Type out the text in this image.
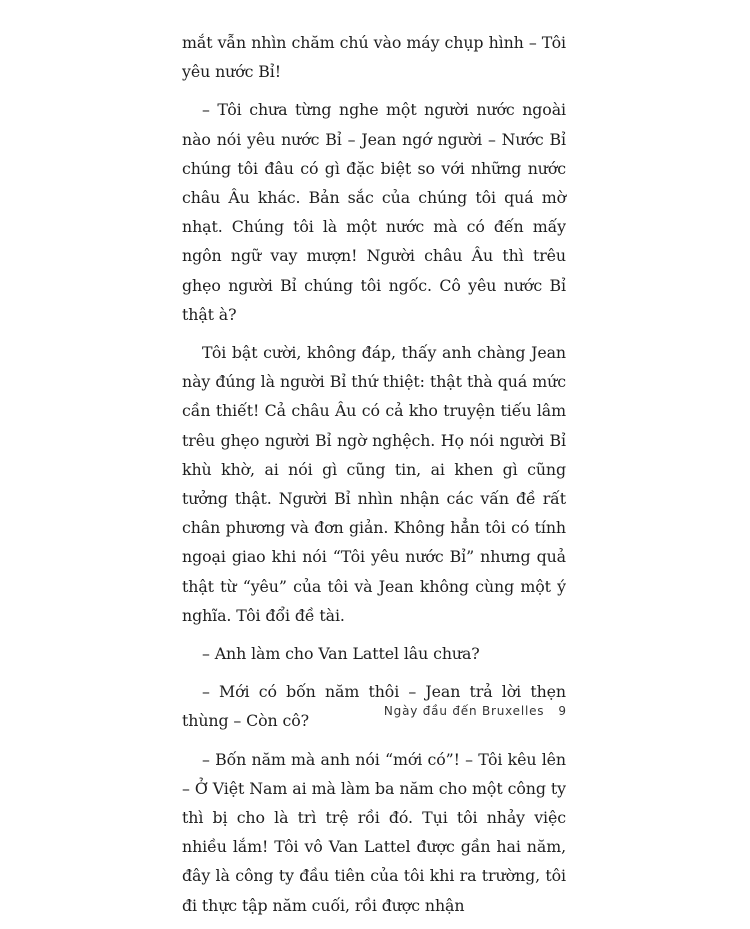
mắt vẫn nhìn chăm chú vào máy chụp hình – Tôi yêu nước Bỉ!

– Tôi chưa từng nghe một người nước ngoài nào nói yêu nước Bỉ – Jean ngớ người – Nước Bỉ chúng tôi đâu có gì đặc biệt so với những nước châu Âu khác. Bản sắc của chúng tôi quá mờ nhạt. Chúng tôi là một nước mà có đến mấy ngôn ngữ vay mượn! Người châu Âu thì trêu ghẹo người Bỉ chúng tôi ngốc. Cô yêu nước Bỉ thật à?

Tôi bật cười, không đáp, thấy anh chàng Jean này đúng là người Bỉ thứ thiệt: thật thà quá mức cần thiết! Cả châu Âu có cả kho truyện tiếu lâm trêu ghẹo người Bỉ ngờ nghệch. Họ nói người Bỉ khù khờ, ai nói gì cũng tin, ai khen gì cũng tưởng thật. Người Bỉ nhìn nhận các vấn đề rất chân phương và đơn giản. Không hẳn tôi có tính ngoại giao khi nói “Tôi yêu nước Bỉ” nhưng quả thật từ “yêu” của tôi và Jean không cùng một ý nghĩa. Tôi đổi đề tài.

– Anh làm cho Van Lattel lâu chưa?

– Mới có bốn năm thôi – Jean trả lời thẹn thùng – Còn cô?

– Bốn năm mà anh nói “mới có”! – Tôi kêu lên – Ở Việt Nam ai mà làm ba năm cho một công ty thì bị cho là trì trệ rồi đó. Tụi tôi nhảy việc nhiều lắm! Tôi vô Van Lattel được gần hai năm, đây là công ty đầu tiên của tôi khi ra trường, tôi đi thực tập năm cuối, rồi được nhận

Ngày đầu đến Bruxelles 9
